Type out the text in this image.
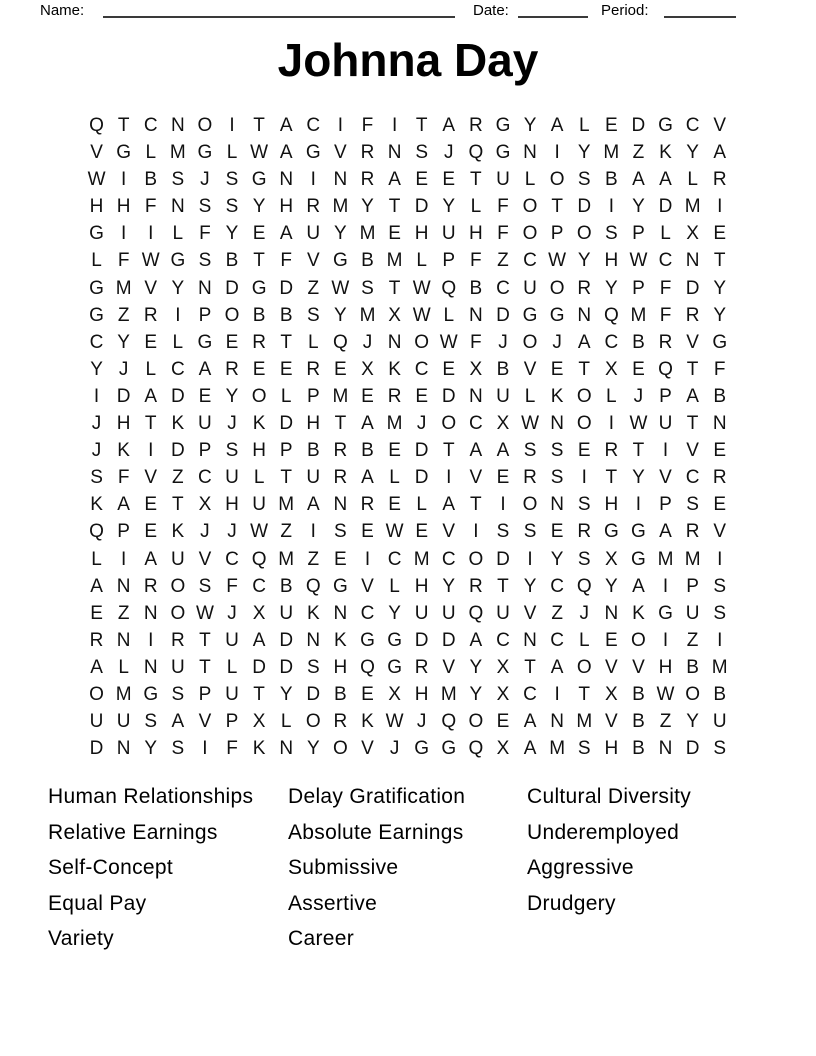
Name:	Date:	Period:
Johnna Day
Q T C N O I T A C I F I T A R G Y A L E D G C V
V G L M G L W A G V R N S J Q G N I Y M Z K Y A
W I B S J S G N I N R A E E T U L O S B A A L R
H H F N S S Y H R M Y T D Y L F O T D I Y D M I
G I	I	L F Y E A U Y M E H U H F O P O S P L X E
L F W G S B T F V G B M L P F Z C W Y H W C N T
G M V Y N D G D Z W S T W Q B C U O R Y P F D Y
G Z R I P O B B S Y M X W L N D G G N Q M F R Y
C Y E L G E R T L Q J N O W F J O J A C B R V G
Y J L C A R E E R E X K C E X B V E T X E Q T F
I D A D E Y O L P M E R E D N U L K O L J P A B
J H T K U J K D H T A M J O C X W N O I W U T N
J K I D P S H P B R B E D T A A S S E R T I V E
S F V Z C U L T U R A L D I V E R S I T Y V C R
K A E T X H U M A N R E L A T I O N S H I P S E
Q P E K J J W Z I S E W E V I S S E R G G A R V
L	I A U V C Q M Z E I C M C O D I Y S X G M M I
A N R O S F C B Q G V L H Y R T Y C Q Y A I P S
E Z N O W J X U K N C Y U U Q U V Z J N K G U S
R N I R T U A D N K G G D D A C N C L E O I Z I
A L N U T L D D S H Q G R V Y X T A O V V H B M
O M G S P U T Y D B E X H M Y X C I T X B W O B
U U S A V P X L O R K W J Q O E A N M V B Z Y U
D N Y S I F K N Y O V J G G Q X A M S H B N D S
Human Relationships
Relative Earnings
Self-Concept
Equal Pay
Variety
Delay Gratification
Absolute Earnings
Submissive
Assertive
Career
Cultural Diversity
Underemployed
Aggressive
Drudgery
